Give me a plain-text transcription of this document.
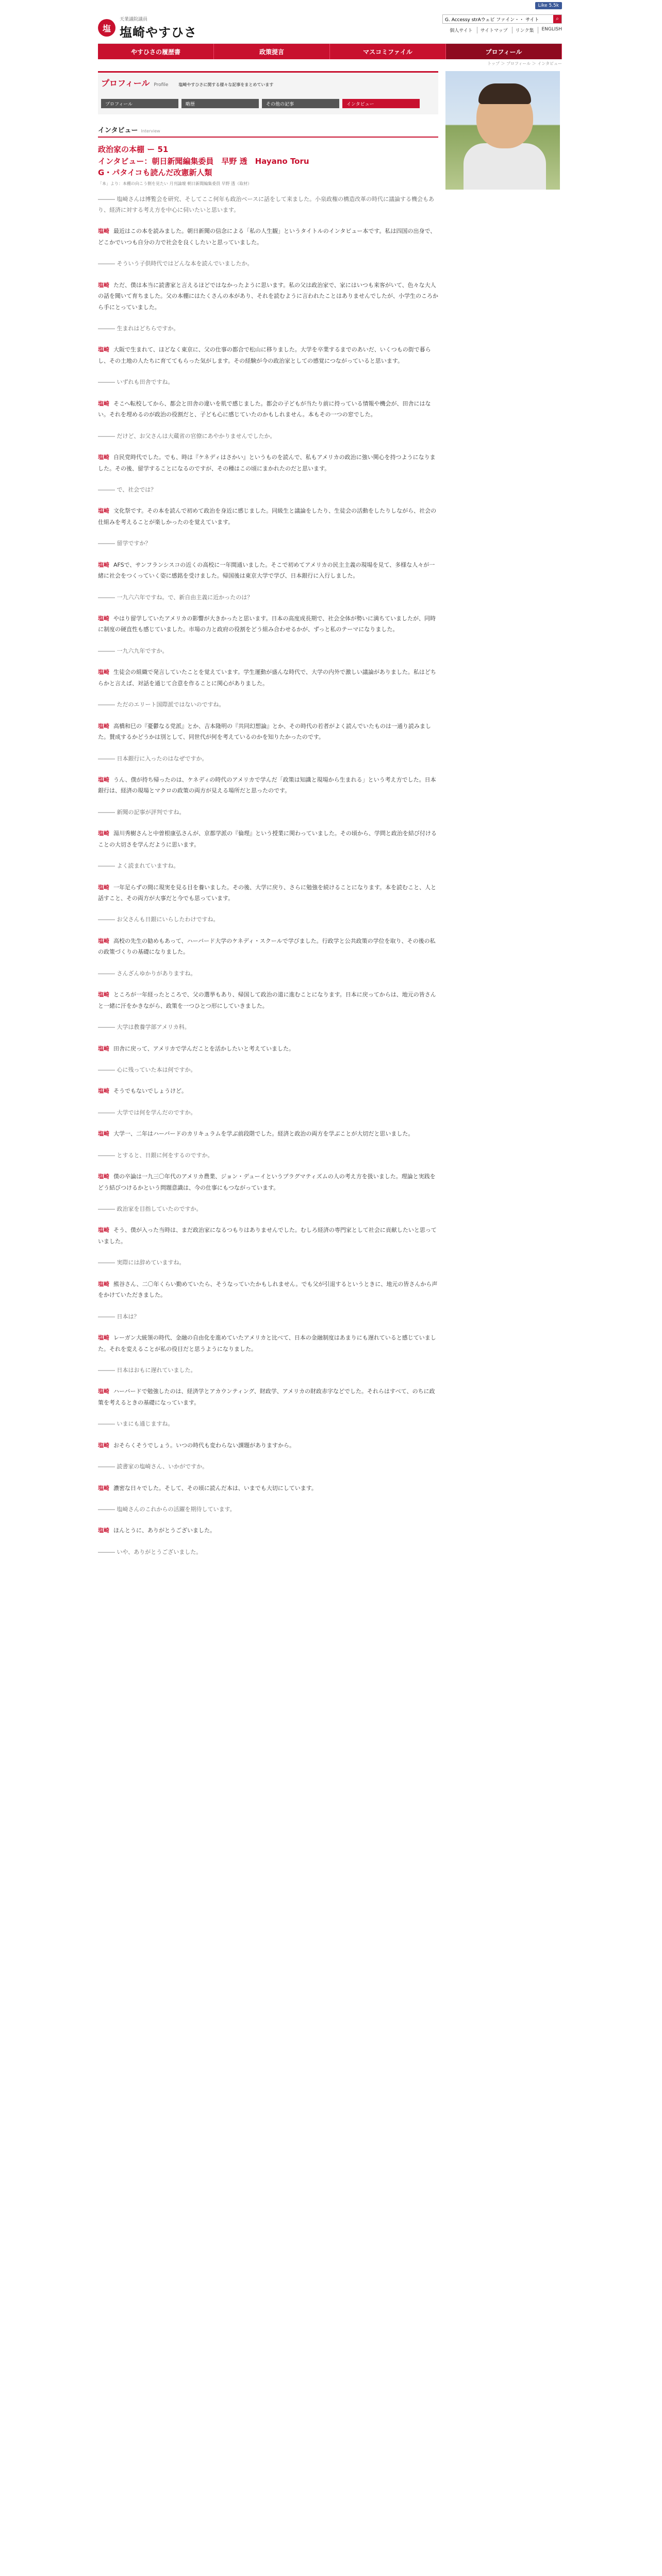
Like 5.5k
塩
天業議院議員
塩崎やすひさ
G. Accessy strAウェビ ファイン・・ サイト
⌕
個人サイト	サイトマップ	リンク集	ENGLISH
やすひさの履歴書	政策提言	マスコミファイル	プロフィール
トップ ＞ プロフィール ＞ インタビュー
プロフィール Profile	塩崎やすひさに関する様々な記事をまとめています
プロフィール	略歴	その他の記事	インタビュー
インタビュー Interview
政治家の本棚 ー 51
インタビュー：朝日新聞編集委員　早野 透　Hayano Toru
G・パタイコも読んだ改憲新人類
「本」より：本棚の向こう側を見たい 月刊論壇 朝日新聞編集委員 早野 透（取材）

――― 塩崎さんは博覧会を研究、そしてここ何年も政治ベースに話をして来ました。小泉政権の構造改革の時代に議論する機会もあり、経済に対する考え方を中心に伺いたいと思います。

塩崎 最近はこの本を読みました。朝日新聞の信念による「私の人生観」というタイトルのインタビュー本です。私は四国の出身で、どこかでいつも自分の力で社会を良くしたいと思っていました。

――― そういう子供時代ではどんな本を読んでいましたか。

塩崎 ただ、僕は本当に読書家と言えるほどではなかったように思います。私の父は政治家で、家にはいつも来客がいて、色々な大人の話を聞いて育ちました。父の本棚にはたくさんの本があり、それを読むように言われたことはありませんでしたが、小学生のころから手にとっていました。

――― 生まれはどちらですか。

塩崎 大阪で生まれて、ほどなく東京に、父の仕事の都合で松山に移りました。大学を卒業するまでのあいだ、いくつもの街で暮らし、その土地の人たちに育ててもらった気がします。その経験が今の政治家としての感覚につながっていると思います。

――― いずれも田舎ですね。

塩崎 そこへ転校してから、都会と田舎の違いを肌で感じました。都会の子どもが当たり前に持っている情報や機会が、田舎にはない。それを埋めるのが政治の役割だと、子ども心に感じていたのかもしれません。本もその一つの窓でした。

――― だけど、お父さんは大蔵省の官僚にあやかりませんでしたか。

塩崎 自民党時代でした。でも、時は『ケネディはさかい』というものを読んで、私もアメリカの政治に強い関心を持つようになりました。その後、留学することになるのですが、その種はこの頃にまかれたのだと思います。

――― で、社会では？

塩崎 文化祭です。その本を読んで初めて政治を身近に感じました。同級生と議論をしたり、生徒会の活動をしたりしながら、社会の仕組みを考えることが楽しかったのを覚えています。

――― 留学ですか？

塩崎 AFSで、サンフランシスコの近くの高校に一年間通いました。そこで初めてアメリカの民主主義の現場を見て、多様な人々が一緒に社会をつくっていく姿に感銘を受けました。帰国後は東京大学で学び、日本銀行に入行しました。

――― 一九六六年ですね。で、新自由主義に近かったのは？

塩崎 やはり留学していたアメリカの影響が大きかったと思います。日本の高度成長期で、社会全体が勢いに満ちていましたが、同時に制度の硬直性も感じていました。市場の力と政府の役割をどう組み合わせるかが、ずっと私のテーマになりました。

――― 一九六九年ですか。

塩崎 生徒会の組織で発言していたことを覚えています。学生運動が盛んな時代で、大学の内外で激しい議論がありました。私はどちらかと言えば、対話を通じて合意を作ることに関心がありました。

――― ただのエリート国際派ではないのですね。

塩崎 高橋和巳の『憂鬱なる党派』とか、吉本隆明の『共同幻想論』とか、その時代の若者がよく読んでいたものは一通り読みました。賛成するかどうかは別として、同世代が何を考えているのかを知りたかったのです。

――― 日本銀行に入ったのはなぜですか。

塩崎 うん、僕が持ち帰ったのは、ケネディの時代のアメリカで学んだ「政策は知識と現場から生まれる」という考え方でした。日本銀行は、経済の現場とマクロの政策の両方が見える場所だと思ったのです。

――― 新聞の記事が評判ですね。

塩崎 湯川秀樹さんと中曽根康弘さんが、京都学派の『倫理』という授業に関わっていました。その頃から、学問と政治を結び付けることの大切さを学んだように思います。

――― よく読まれていますね。

塩崎 一年足らずの間に現実を見る目を養いました。その後、大学に戻り、さらに勉強を続けることになります。本を読むこと、人と話すこと、その両方が大事だと今でも思っています。

――― お父さんも日銀にいらしたわけですね。

塩崎 高校の先生の勧めもあって、ハーバード大学のケネディ・スクールで学びました。行政学と公共政策の学位を取り、その後の私の政策づくりの基礎になりました。

――― さんざんゆかりがありますね。

塩崎 ところが一年経ったところで、父の選挙もあり、帰国して政治の道に進むことになります。日本に戻ってからは、地元の皆さんと一緒に汗をかきながら、政策を一つひとつ形にしていきました。

――― 大学は教養学部アメリカ科。

塩崎 田舎に戻って、アメリカで学んだことを活かしたいと考えていました。

――― 心に残っていた本は何ですか。

塩崎 そうでもないでしょうけど。

――― 大学では何を学んだのですか。

塩崎 大学一、二年はハーバードのカリキュラムを学ぶ前段階でした。経済と政治の両方を学ぶことが大切だと思いました。

――― とすると、日銀に何をするのですか。

塩崎 僕の卒論は一九三〇年代のアメリカ農業、ジョン・デューイというプラグマティズムの人の考え方を扱いました。理論と実践をどう結びつけるかという問題意識は、今の仕事にもつながっています。

――― 政治家を目指していたのですか。

塩崎 そう、僕が入った当時は、まだ政治家になるつもりはありませんでした。むしろ経済の専門家として社会に貢献したいと思っていました。

――― 実際には辞めていますね。

塩崎 熊谷さん、二〇年くらい勤めていたら、そうなっていたかもしれません。でも父が引退するというときに、地元の皆さんから声をかけていただきました。

――― 日本は？

塩崎 レーガン大統領の時代、金融の自由化を進めていたアメリカと比べて、日本の金融制度はあまりにも遅れていると感じていました。それを変えることが私の役目だと思うようになりました。

――― 日本はおもに遅れていました。

塩崎 ハーバードで勉強したのは、経済学とアカウンティング、財政学、アメリカの財政赤字などでした。それらはすべて、のちに政策を考えるときの基礎になっています。

――― いまにも通じますね。

塩崎 おそらくそうでしょう。いつの時代も変わらない課題がありますから。

――― 読書家の塩崎さん、いかがですか。

塩崎 濃密な日々でした。そして、その頃に読んだ本は、いまでも大切にしています。

――― 塩崎さんのこれからの活躍を期待しています。

塩崎 ほんとうに、ありがとうございました。

――― いや、ありがとうございました。
